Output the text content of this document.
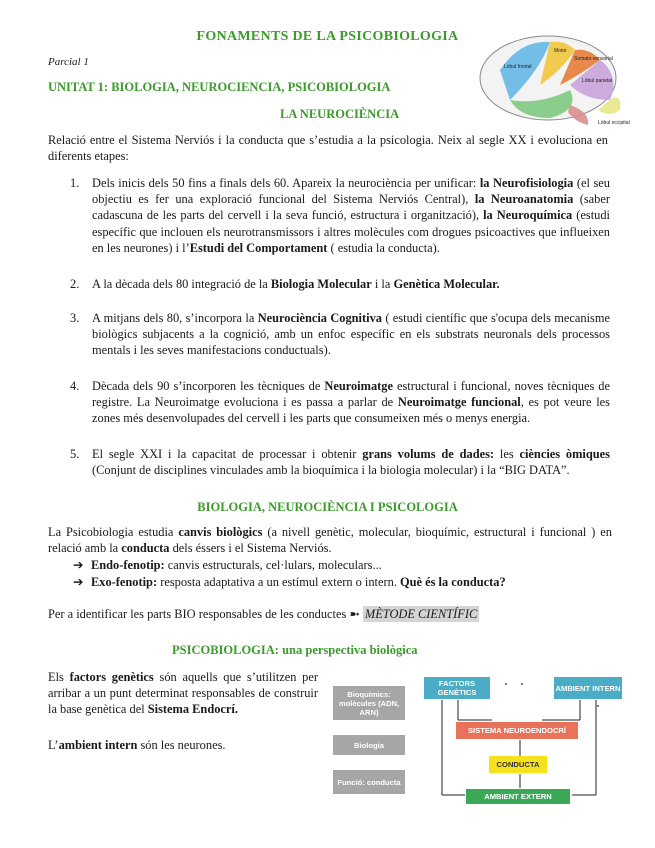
FONAMENTS DE LA PSICOBIOLOGIA
Parcial 1
UNITAT 1: BIOLOGIA, NEUROCIENCIA, PSICOBIOLOGIA
LA NEUROCIÈNCIA
Motor
Somato-sensorial
Lòbul frontal
Lòbul parietal
Lòbul occipital
Relació entre el Sistema Nerviós i la conducta que s’estudia a la psicologia. Neix al segle XX i evoluciona en diferents etapes:
1. Dels inicis dels 50 fins a finals dels 60. Apareix la neurociència per unificar: la Neurofisiologia (el seu objectiu es fer una exploració funcional del Sistema Nerviós Central), la Neuroanatomia (saber cadascuna de les parts del cervell i la seva funció, estructura i organització), la Neuroquímica (estudi específic que inclouen els neurotransmissors i altres molècules com drogues psicoactives que influeixen en les neurones) i l’Estudi del Comportament ( estudia la conducta).
2. A la dècada dels 80 integració de la Biologia Molecular i la Genètica Molecular.
3. A mitjans dels 80, s’incorpora la Neurociència Cognitiva ( estudi científic que s'ocupa dels mecanisme biològics subjacents a la cognició, amb un enfoc específic en els substrats neuronals dels processos mentals i les seves manifestacions conductuals).
4. Dècada dels 90 s’incorporen les tècniques de Neuroimatge estructural i funcional, noves tècniques de registre. La Neuroimatge evoluciona i es passa a parlar de Neuroimatge funcional, es pot veure les zones més desenvolupades del cervell i les parts que consumeixen més o menys energia.
5. El segle XXI i la capacitat de processar i obtenir grans volums de dades: les ciències òmiques (Conjunt de disciplines vinculades amb la bioquímica i la biologia molecular) i la “BIG DATA”.
BIOLOGIA, NEUROCIÈNCIA I PSICOLOGIA
La Psicobiologia estudia canvis biològics (a nivell genètic, molecular, bioquímic, estructural i funcional ) en relació amb la conducta dels éssers i el Sistema Nerviós.
➔ Endo-fenotip: canvis estructurals, cel·lulars, moleculars...
➔ Exo-fenotip: resposta adaptativa a un estímul extern o intern. Què és la conducta?
Per a identificar les parts BIO responsables de les conductes ➼ MÈTODE CIENTÍFIC
PSICOBIOLOGIA: una perspectiva biològica
Els factors genètics són aquells que s’utilitzen per arribar a un punt determinat responsables de construir la base genètica del Sistema Endocrí.
L’ambient intern són les neurones.
Bioquímics: molècules (ADN, ARN)
Biologia
Funció: conducta
FACTORS GENÈTICS	AMBIENT INTERN
SISTEMA NEUROENDOCRÍ
CONDUCTA
AMBIENT EXTERN
